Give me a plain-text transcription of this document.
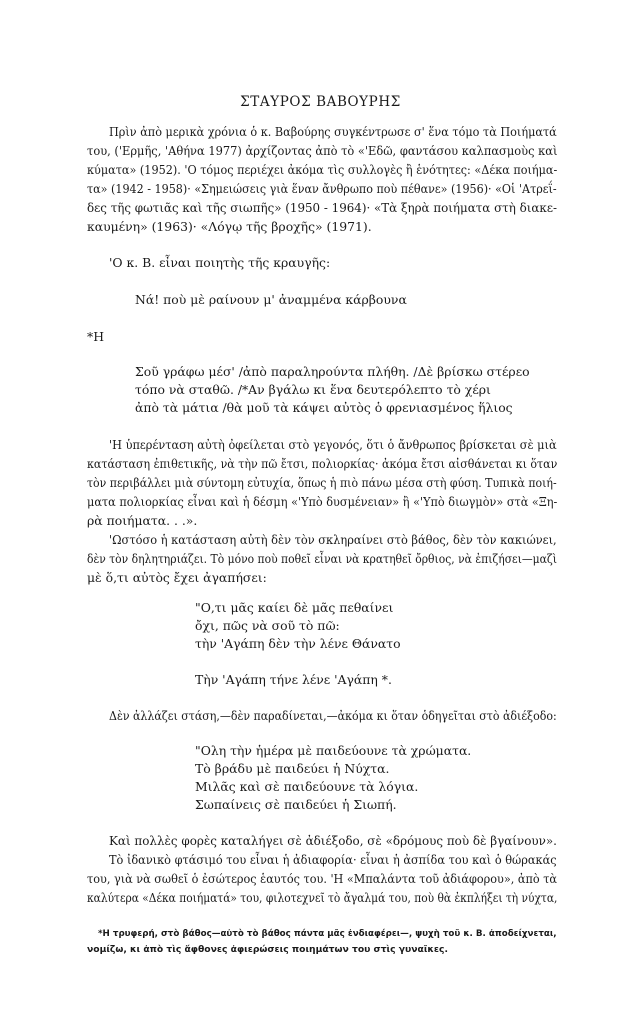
ΣΤΑΥΡΟΣ ΒΑΒΟΥΡΗΣ
Πρὶν ἀπὸ μερικὰ χρόνια ὁ κ. Βαβούρης συγκέντρωσε σ' ἕνα τόμο τὰ Ποιήματά
του, ('Ερμῆς, 'Αθήνα 1977) ἀρχίζοντας ἀπὸ τὸ «'Εδῶ, φαντάσου καλπασμοὺς καὶ
κύματα» (1952). 'Ο τόμος περιέχει ἀκόμα τὶς συλλογὲς ἢ ἑνότητες: «Δέκα ποιήμα-
τα» (1942 - 1958)· «Σημειώσεις γιὰ ἕναν ἄνθρωπο ποὺ πέθανε» (1956)· «Οἱ 'Ατρεΐ-
δες τῆς φωτιᾶς καὶ τῆς σιωπῆς» (1950 - 1964)· «Τὰ ξηρὰ ποιήματα στὴ διακε-
καυμένη» (1963)· «Λόγῳ τῆς βροχῆς» (1971).
'Ο κ. Β. εἶναι ποιητὴς τῆς κραυγῆς:
Νά! ποὺ μὲ ραίνουν μ' ἀναμμένα κάρβουνα
*Η
Σοῦ γράφω μέσ' /ἀπὸ παραληρούντα πλήθη. /Δὲ βρίσκω στέρεο
τόπο νὰ σταθῶ. /*Αν βγάλω κι ἕνα δευτερόλεπτο τὸ χέρι
ἀπὸ τὰ μάτια /θὰ μοῦ τὰ κάψει αὐτὸς ὁ φρενιασμένος ἥλιος
'Η ὑπερένταση αὐτὴ ὀφείλεται στὸ γεγονός, ὅτι ὁ ἄνθρωπος βρίσκεται σὲ μιὰ
κατάσταση ἐπιθετικῆς, νὰ τὴν πῶ ἔτσι, πολιορκίας· ἀκόμα ἔτσι αἰσθάνεται κι ὅταν
τὸν περιβάλλει μιὰ σύντομη εὐτυχία, ὅπως ἡ πιὸ πάνω μέσα στὴ φύση. Τυπικὰ ποιή-
ματα πολιορκίας εἶναι καὶ ἡ δέσμη «'Υπὸ δυσμένειαν» ἢ «'Υπὸ διωγμὸν» στὰ «Ξη-
ρὰ ποιήματα. . .».
'Ωστόσο ἡ κατάσταση αὐτὴ δὲν τὸν σκληραίνει στὸ βάθος, δὲν τὸν κακιώνει,
δὲν τὸν δηλητηριάζει. Τὸ μόνο ποὺ ποθεῖ εἶναι νὰ κρατηθεῖ ὄρθιος, νὰ ἐπιζήσει—μαζὶ
μὲ ὅ,τι αὐτὸς ἔχει ἀγαπήσει:
"Ο,τι μᾶς καίει δὲ μᾶς πεθαίνει
ὄχι, πῶς νὰ σοῦ τὸ πῶ:
τὴν 'Αγάπη δὲν τὴν λένε Θάνατο
Τὴν 'Αγάπη τήνε λένε 'Αγάπη *.
Δὲν ἀλλάζει στάση,—δὲν παραδίνεται,—ἀκόμα κι ὅταν ὁδηγεῖται στὸ ἀδιέξοδο:
"Ολη τὴν ἡμέρα μὲ παιδεύουνε τὰ χρώματα.
Τὸ βράδυ μὲ παιδεύει ἡ Νύχτα.
Μιλᾶς καὶ σὲ παιδεύουνε τὰ λόγια.
Σωπαίνεις σὲ παιδεύει ἡ Σιωπή.
Καὶ πολλὲς φορὲς καταλήγει σὲ ἀδιέξοδο, σὲ «δρόμους ποὺ δὲ βγαίνουν».
Τὸ ἰδανικὸ φτάσιμό του εἶναι ἡ ἀδιαφορία· εἶναι ἡ ἀσπίδα του καὶ ὁ θώρακάς
του, γιὰ νὰ σωθεῖ ὁ ἐσώτερος ἑαυτός του. 'Η «Μπαλάντα τοῦ ἀδιάφορου», ἀπὸ τὰ
καλύτερα «Δέκα ποιήματά» του, φιλοτεχνεῖ τὸ ἄγαλμά του, ποὺ θὰ ἐκπλήξει τὴ νύχτα,
*Η τρυφερή, στὸ βάθος—αὐτὸ τὸ βάθος πάντα μᾶς ἐνδιαφέρει—, ψυχὴ τοῦ κ. Β. ἀποδείχνεται,
νομίζω, κι ἀπὸ τὶς ἄφθονες ἀφιερώσεις ποιημάτων του στὶς γυναῖκες.
